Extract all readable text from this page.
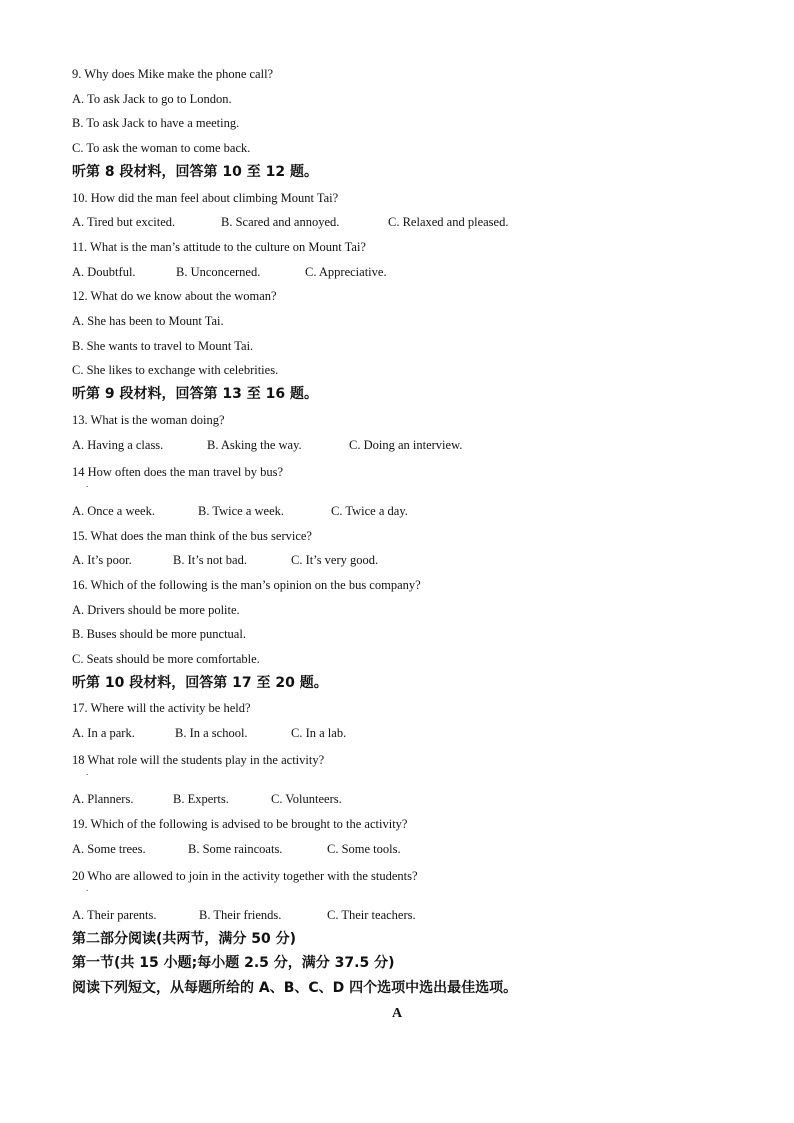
9. Why does Mike make the phone call?
A. To ask Jack to go to London.
B. To ask Jack to have a meeting.
C. To ask the woman to come back.
听第 8 段材料，回答第 10 至 12 题。
10. How did the man feel about climbing Mount Tai?
A. Tired but excited.	B. Scared and annoyed.	C. Relaxed and pleased.
11. What is the man’s attitude to the culture on Mount Tai?
A. Doubtful.	B. Unconcerned.	C. Appreciative.
12. What do we know about the woman?
A. She has been to Mount Tai.
B. She wants to travel to Mount Tai.
C. She likes to exchange with celebrities.
听第 9 段材料，回答第 13 至 16 题。
13. What is the woman doing?
A. Having a class.	B. Asking the way.	C. Doing an interview.
14 How often does the man travel by bus?
.
A. Once a week.	B. Twice a week.	C. Twice a day.
15. What does the man think of the bus service?
A. It’s poor.	B. It’s not bad.	C. It’s very good.
16. Which of the following is the man’s opinion on the bus company?
A. Drivers should be more polite.
B. Buses should be more punctual.
C. Seats should be more comfortable.
听第 10 段材料，回答第 17 至 20 题。
17. Where will the activity be held?
A. In a park.	B. In a school.	C. In a lab.
18 What role will the students play in the activity?
.
A. Planners.	B. Experts.	C. Volunteers.
19. Which of the following is advised to be brought to the activity?
A. Some trees.	B. Some raincoats.	C. Some tools.
20 Who are allowed to join in the activity together with the students?
.
A. Their parents.	B. Their friends.	C. Their teachers.
第二部分阅读(共两节，满分 50 分)
第一节(共 15 小题;每小题 2.5 分，满分 37.5 分)
阅读下列短文，从每题所给的 A、B、C、D 四个选项中选出最佳选项。
A
